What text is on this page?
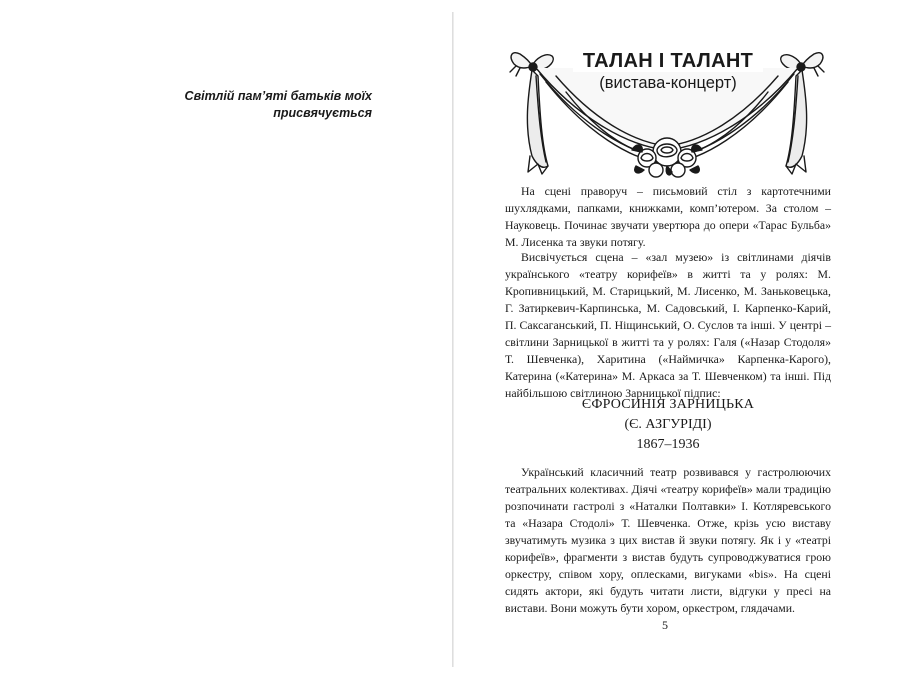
Світлій пам’яті батьків моїх
присвячується
ТАЛАН І ТАЛАНТ
(вистава-концерт)

На сцені праворуч – письмовий стіл з картотечними шухлядками, папками, книжками, комп’ютером. За столом – Науковець. Починає звучати увертюра до опери «Тарас Бульба» М. Лисенка та звуки потягу.

Висвічується сцена – «зал музею» із світлинами діячів українського «театру корифеїв» в житті та у ролях: М. Кропивницький, М. Старицький, М. Лисенко, М. Заньковецька, Г. Затиркевич-Карпинська, М. Садовський, І. Карпенко-Карий, П. Саксаганський, П. Ніщинський, О. Суслов та інші. У центрі – світлини Зарницької в житті та у ролях: Галя («Назар Стодоля» Т. Шевченка), Харитина («Наймичка» Карпенка-Карого), Катерина («Катерина» М. Аркаса за Т. Шевченком) та інші. Під найбільшою світлиною Зарницької підпис:

ЄФРОСИНІЯ ЗАРНИЦЬКА
(Є. АЗГУРІДІ)
1867–1936

Український класичний театр розвивався у гастролюючих театральних колективах. Діячі «театру корифеїв» мали традицію розпочинати гастролі з «Наталки Полтавки» І. Котляревського та «Назара Стодолі» Т. Шевченка. Отже, крізь усю виставу звучатимуть музика з цих вистав й звуки потягу. Як і у «театрі корифеїв», фрагменти з вистав будуть супроводжуватися грою оркестру, співом хору, оплесками, вигуками «bis». На сцені сидять актори, які будуть читати листи, відгуки у пресі на вистави. Вони можуть бути хором, оркестром, глядачами.

5
